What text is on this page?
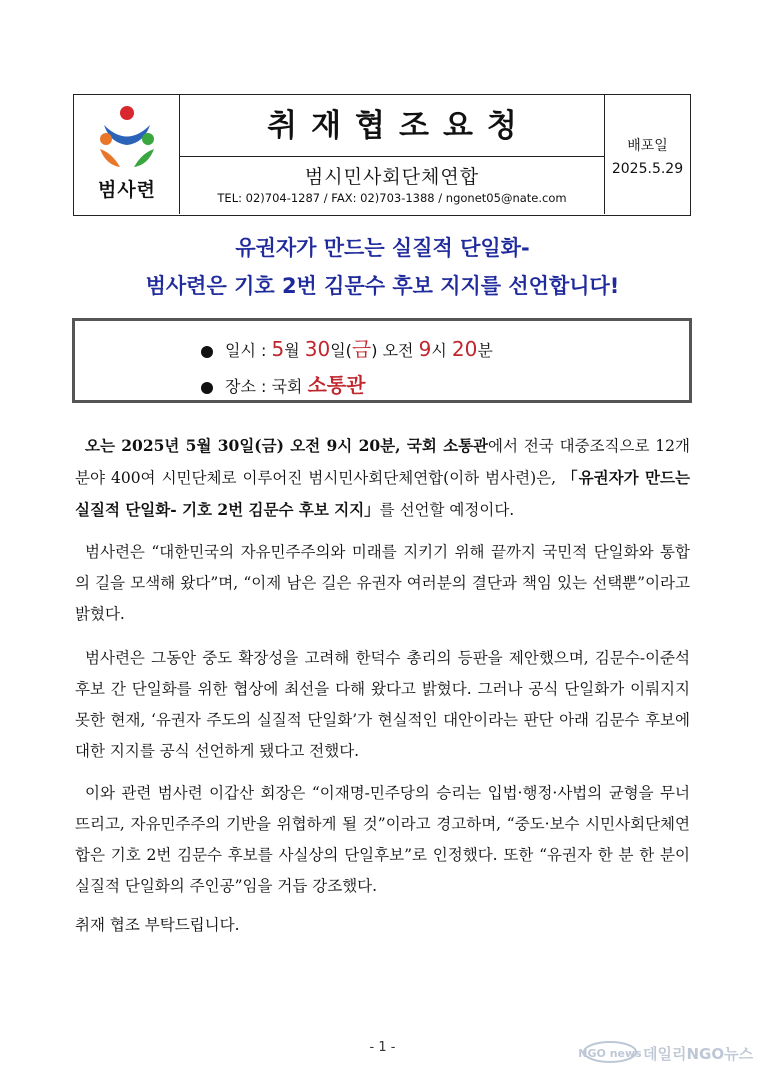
범사련
취재협조요청
범시민사회단체연합
TEL: 02)704-1287 / FAX: 02)703-1388 / ngonet05@nate.com
배포일
2025.5.29
유권자가 만드는 실질적 단일화-
범사련은 기호 2번 김문수 후보 지지를 선언합니다!
일시 : 5월 30일(금) 오전 9시 20분
장소 : 국회 소통관
오는 2025년 5월 30일(금) 오전 9시 20분, 국회 소통관에서 전국 대중조직으로 12개 분야 400여 시민단체로 이루어진 범시민사회단체연합(이하 범사련)은, 「유권자가 만드는 실질적 단일화- 기호 2번 김문수 후보 지지」를 선언할 예정이다.
범사련은 “대한민국의 자유민주주의와 미래를 지키기 위해 끝까지 국민적 단일화와 통합의 길을 모색해 왔다”며, “이제 남은 길은 유권자 여러분의 결단과 책임 있는 선택뿐”이라고 밝혔다.
범사련은 그동안 중도 확장성을 고려해 한덕수 총리의 등판을 제안했으며, 김문수-이준석 후보 간 단일화를 위한 협상에 최선을 다해 왔다고 밝혔다. 그러나 공식 단일화가 이뤄지지 못한 현재, ‘유권자 주도의 실질적 단일화’가 현실적인 대안이라는 판단 아래 김문수 후보에 대한 지지를 공식 선언하게 됐다고 전했다.
이와 관련 범사련 이갑산 회장은 “이재명-민주당의 승리는 입법·행정·사법의 균형을 무너뜨리고, 자유민주주의 기반을 위협하게 될 것”이라고 경고하며, “중도·보수 시민사회단체연합은 기호 2번 김문수 후보를 사실상의 단일후보”로 인정했다. 또한 “유권자 한 분 한 분이 실질적 단일화의 주인공”임을 거듭 강조했다.
취재 협조 부탁드립니다.
- 1 -	NGO news 데일리NGO뉴스
